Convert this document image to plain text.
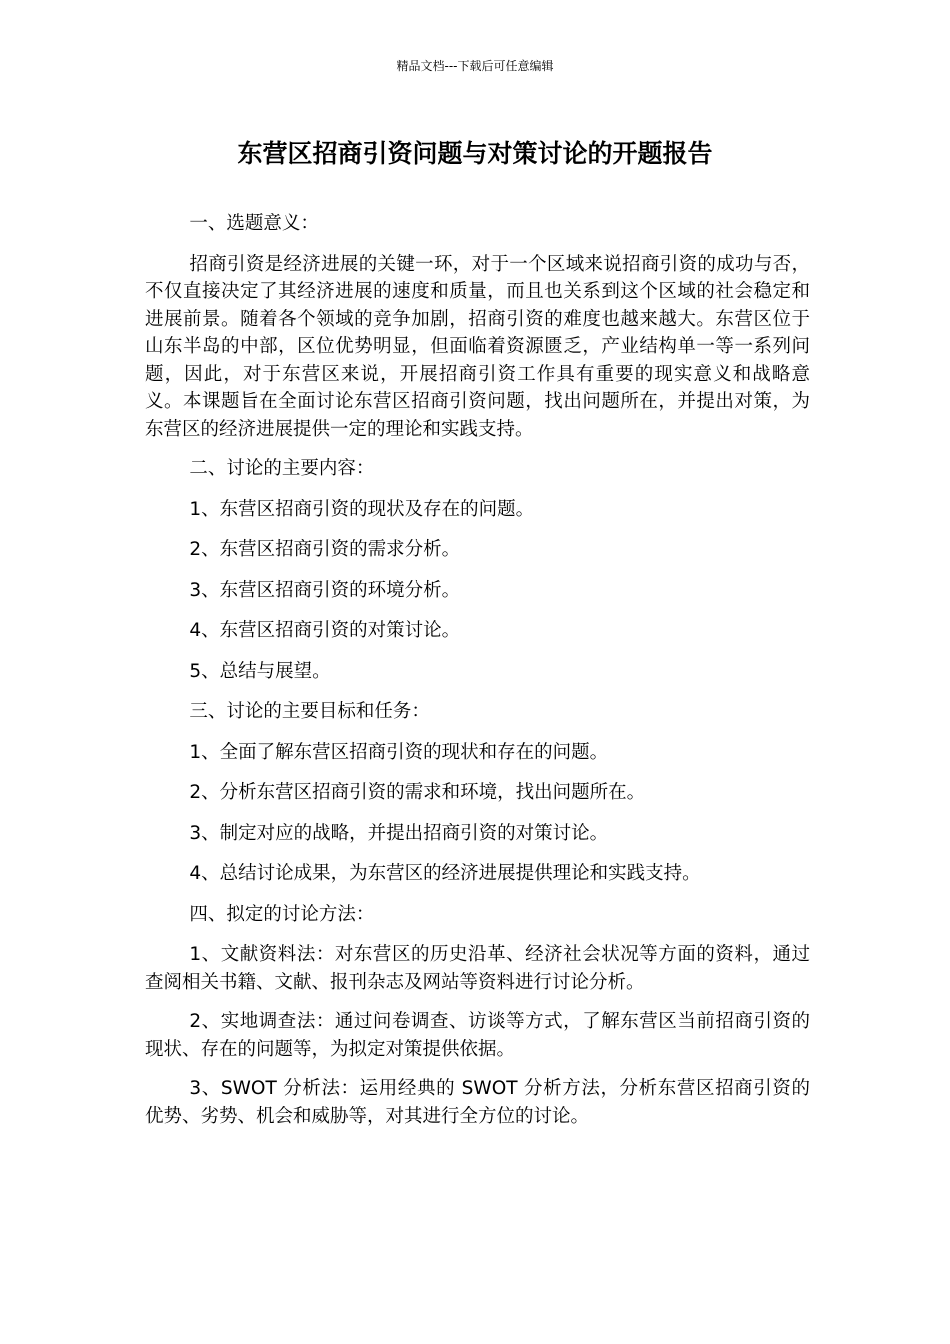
精品文档---下载后可任意编辑
东营区招商引资问题与对策讨论的开题报告

一、选题意义：

招商引资是经济进展的关键一环，对于一个区域来说招商引资的成功与否，不仅直接决定了其经济进展的速度和质量，而且也关系到这个区域的社会稳定和进展前景。随着各个领域的竞争加剧，招商引资的难度也越来越大。东营区位于山东半岛的中部，区位优势明显，但面临着资源匮乏，产业结构单一等一系列问题，因此，对于东营区来说，开展招商引资工作具有重要的现实意义和战略意义。本课题旨在全面讨论东营区招商引资问题，找出问题所在，并提出对策，为东营区的经济进展提供一定的理论和实践支持。

二、讨论的主要内容：

1、东营区招商引资的现状及存在的问题。

2、东营区招商引资的需求分析。

3、东营区招商引资的环境分析。

4、东营区招商引资的对策讨论。

5、总结与展望。

三、讨论的主要目标和任务：

1、全面了解东营区招商引资的现状和存在的问题。

2、分析东营区招商引资的需求和环境，找出问题所在。

3、制定对应的战略，并提出招商引资的对策讨论。

4、总结讨论成果，为东营区的经济进展提供理论和实践支持。

四、拟定的讨论方法：

1、文献资料法：对东营区的历史沿革、经济社会状况等方面的资料，通过查阅相关书籍、文献、报刊杂志及网站等资料进行讨论分析。

2、实地调查法：通过问卷调查、访谈等方式，了解东营区当前招商引资的现状、存在的问题等，为拟定对策提供依据。

3、SWOT 分析法：运用经典的 SWOT 分析方法，分析东营区招商引资的优势、劣势、机会和威胁等，对其进行全方位的讨论。
